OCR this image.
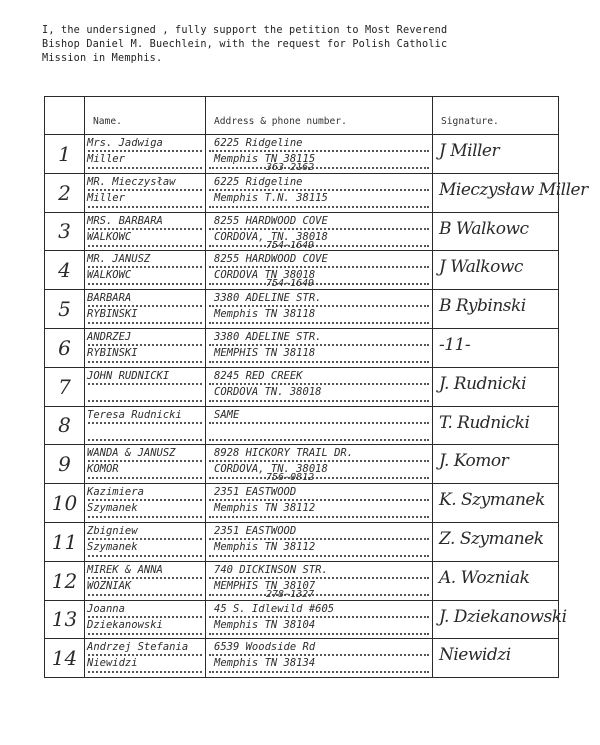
I, the undersigned , fully support the petition to Most Reverend
Bishop Daniel M. Buechlein, with the request for Polish Catholic
Mission in Memphis.

	Name.	Address & phone number.	Signature.
1	Mrs. Jadwiga
Miller	6225 Ridgeline
Memphis TN 38115
363 2162	J Miller

2	MR. Mieczysław
Miller	6225 Ridgeline
Memphis T.N. 38115	Mieczysław Miller

3	MRS. BARBARA
WALKOWC	8255 HARDWOOD COVE
CORDOVA, TN. 38018
754-1649	B Walkowc

4	MR. JANUSZ
WALKOWC	8255 HARDWOOD COVE
CORDOVA TN 38018
754-1649	J Walkowc

5	BARBARA
RYBINSKI	3380 ADELINE STR.
Memphis TN 38118	B Rybinski

6	ANDRZEJ
RYBINSKI	3380 ADELINE STR.
MEMPHIS TN 38118	-11-

7	JOHN RUDNICKI	8245 RED CREEK
CORDOVA TN. 38018	J. Rudnicki

8	Teresa Rudnicki	SAME	T. Rudnicki

9	WANDA & JANUSZ
KOMOR	8928 HICKORY TRAIL DR.
CORDOVA, TN. 38018
756-0812	J. Komor

10	Kazimiera
Szymanek	2351 EASTWOOD
Memphis TN 38112	K. Szymanek

11	Zbigniew
Szymanek	2351 EASTWOOD
Memphis TN 38112	Z. Szymanek

12	MIREK & ANNA
WOZNIAK	740 DICKINSON STR.
MEMPHIS TN 38107
278-1327	A. Wozniak

13	Joanna
Dziekanowski	45 S. Idlewild #605
Memphis TN 38104	J. Dziekanowski

14	Andrzej Stefania
Niewidzi	6539 Woodside Rd
Memphis TN 38134	Niewidzi
